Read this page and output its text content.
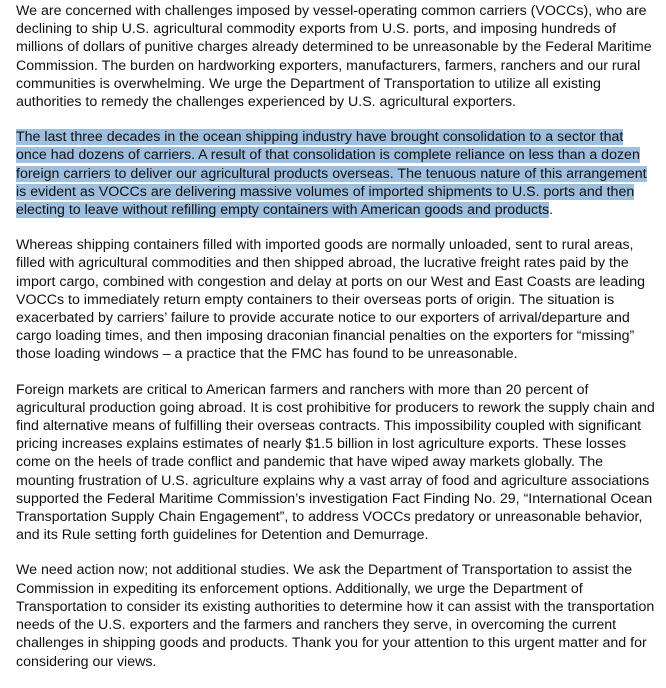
We are concerned with challenges imposed by vessel-operating common carriers (VOCCs), who are declining to ship U.S. agricultural commodity exports from U.S. ports, and imposing hundreds of millions of dollars of punitive charges already determined to be unreasonable by the Federal Maritime Commission. The burden on hardworking exporters, manufacturers, farmers, ranchers and our rural communities is overwhelming. We urge the Department of Transportation to utilize all existing authorities to remedy the challenges experienced by U.S. agricultural exporters.

The last three decades in the ocean shipping industry have brought consolidation to a sector that once had dozens of carriers. A result of that consolidation is complete reliance on less than a dozen foreign carriers to deliver our agricultural products overseas. The tenuous nature of this arrangement is evident as VOCCs are delivering massive volumes of imported shipments to U.S. ports and then electing to leave without refilling empty containers with American goods and products.

Whereas shipping containers filled with imported goods are normally unloaded, sent to rural areas, filled with agricultural commodities and then shipped abroad, the lucrative freight rates paid by the import cargo, combined with congestion and delay at ports on our West and East Coasts are leading VOCCs to immediately return empty containers to their overseas ports of origin. The situation is exacerbated by carriers’ failure to provide accurate notice to our exporters of arrival/departure and cargo loading times, and then imposing draconian financial penalties on the exporters for “missing” those loading windows – a practice that the FMC has found to be unreasonable.

Foreign markets are critical to American farmers and ranchers with more than 20 percent of agricultural production going abroad. It is cost prohibitive for producers to rework the supply chain and find alternative means of fulfilling their overseas contracts. This impossibility coupled with significant pricing increases explains estimates of nearly $1.5 billion in lost agriculture exports. These losses come on the heels of trade conflict and pandemic that have wiped away markets globally. The mounting frustration of U.S. agriculture explains why a vast array of food and agriculture associations supported the Federal Maritime Commission’s investigation Fact Finding No. 29, “International Ocean Transportation Supply Chain Engagement”, to address VOCCs predatory or unreasonable behavior, and its Rule setting forth guidelines for Detention and Demurrage.

We need action now; not additional studies. We ask the Department of Transportation to assist the Commission in expediting its enforcement options. Additionally, we urge the Department of Transportation to consider its existing authorities to determine how it can assist with the transportation needs of the U.S. exporters and the farmers and ranchers they serve, in overcoming the current challenges in shipping goods and products. Thank you for your attention to this urgent matter and for considering our views.
